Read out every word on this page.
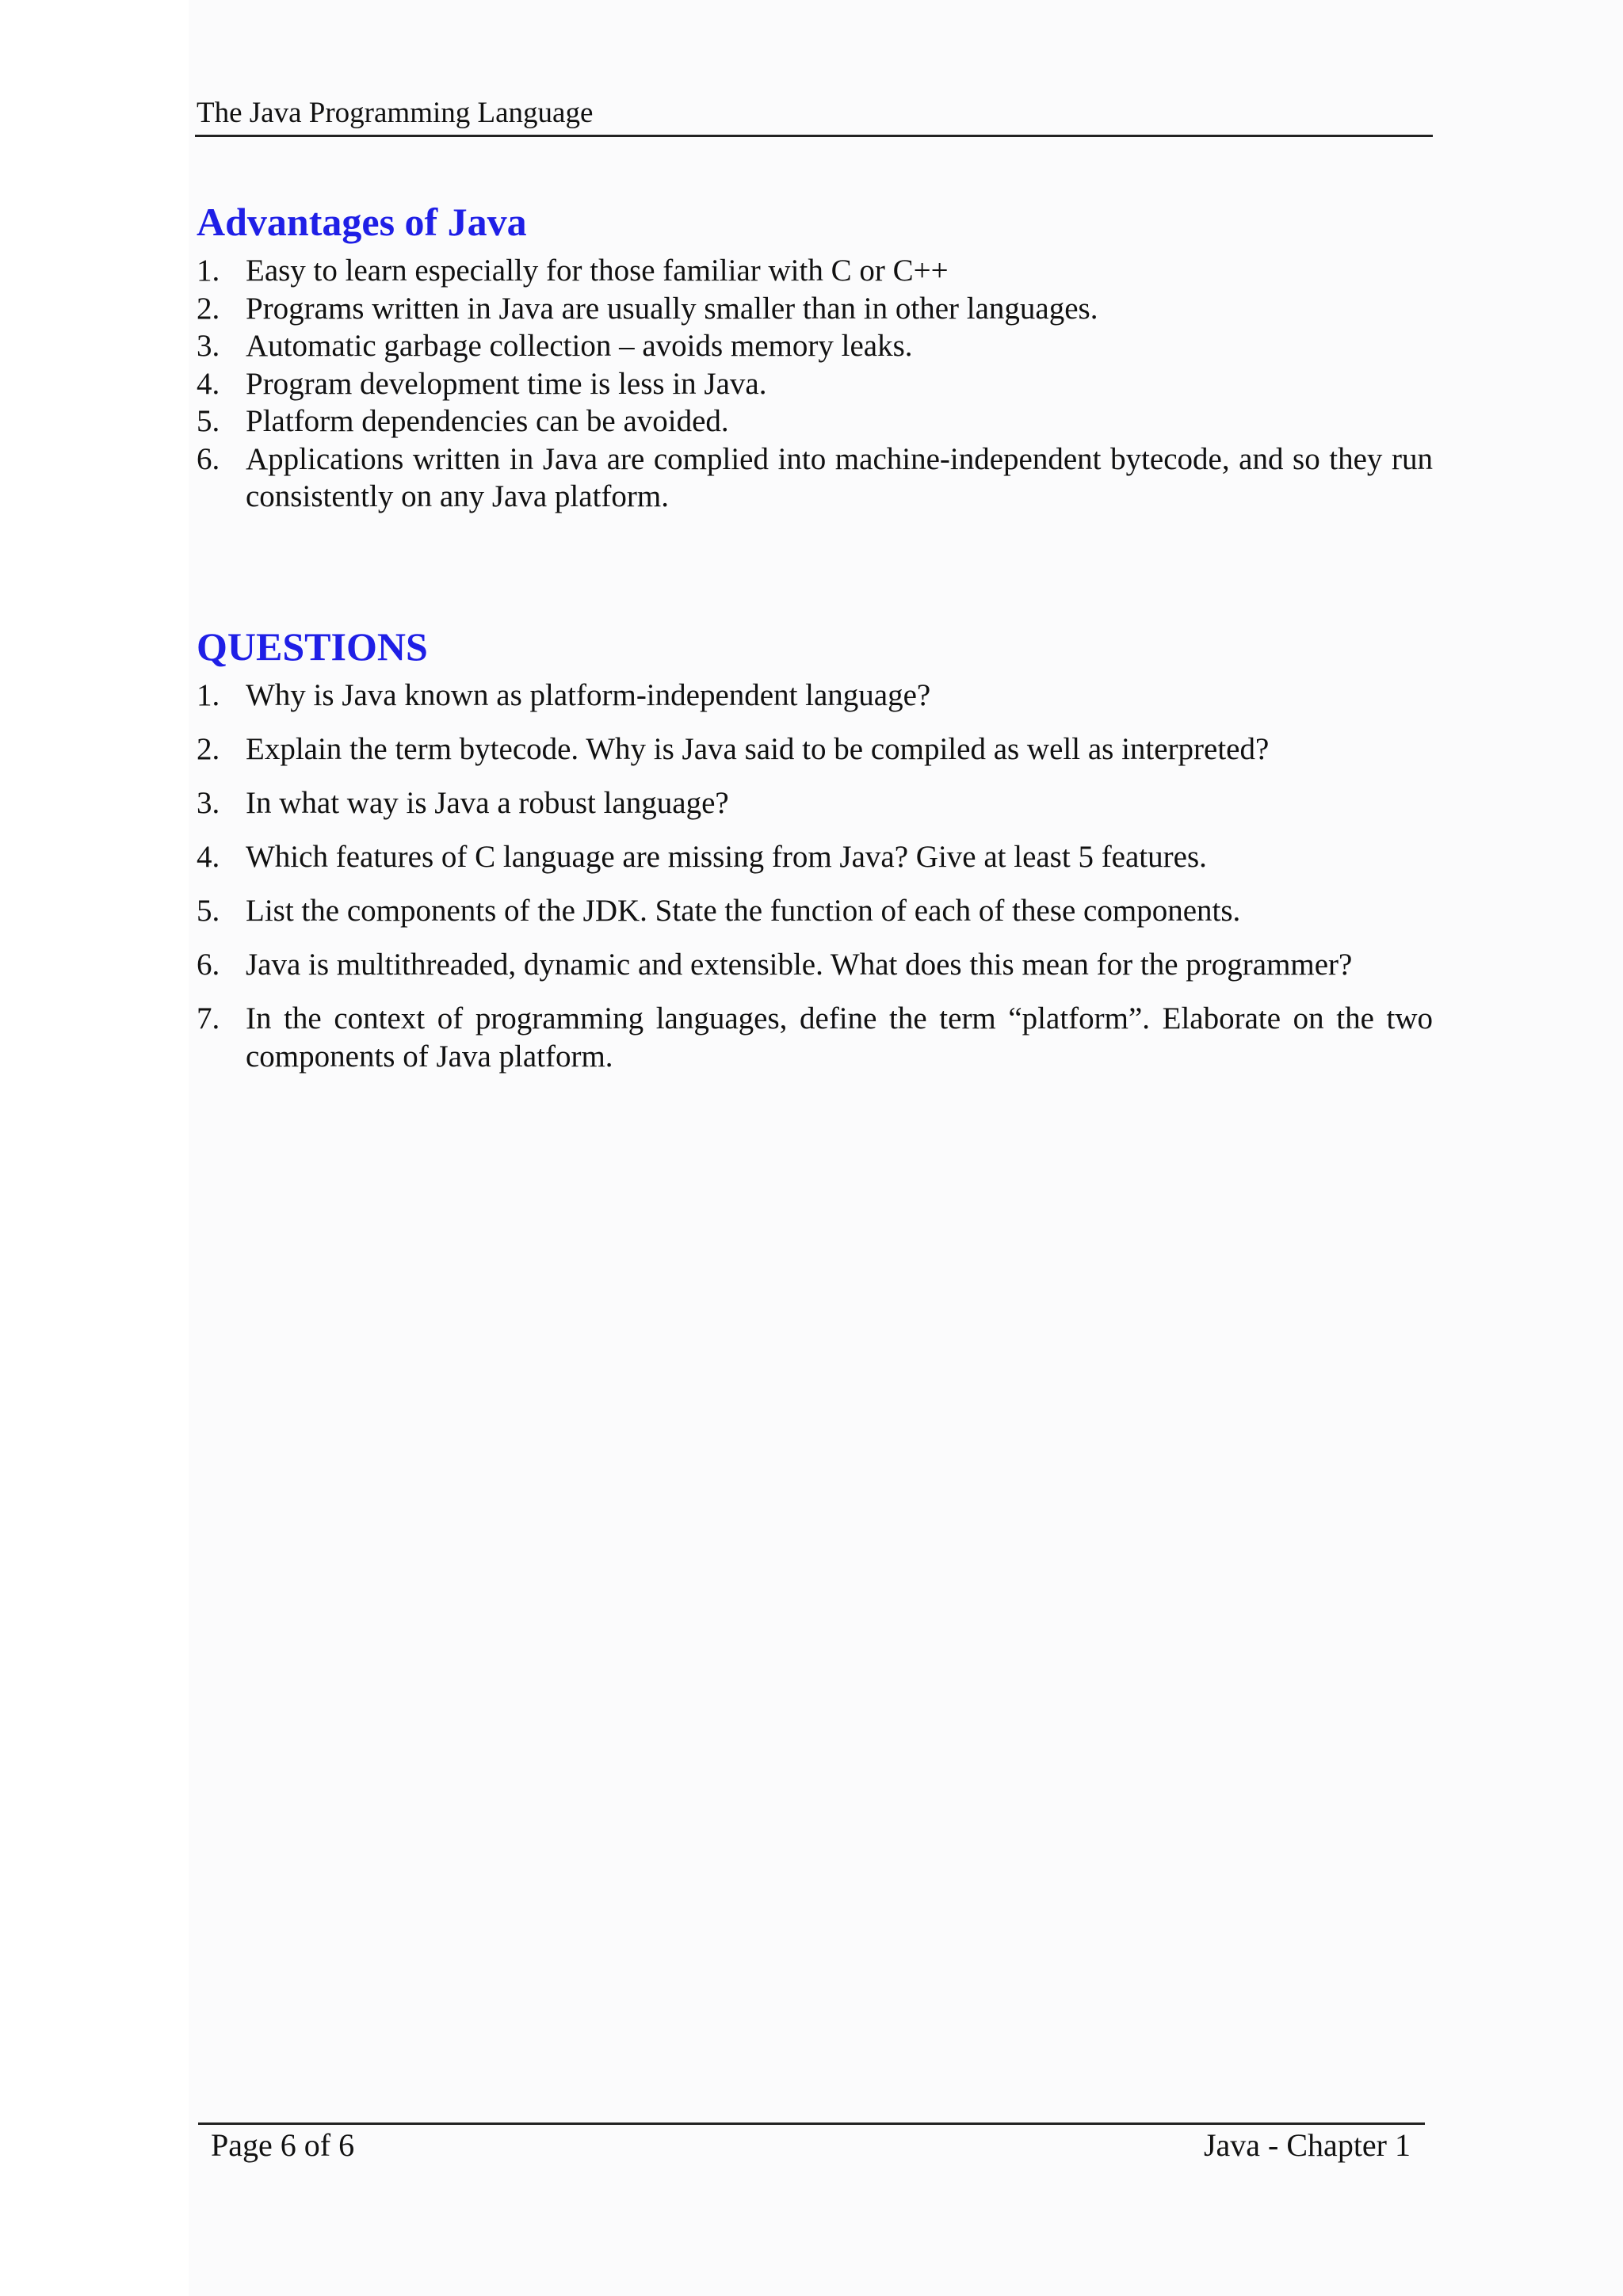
The Java Programming Language
Advantages of Java
1. Easy to learn especially for those familiar with C or C++
2. Programs written in Java are usually smaller than in other languages.
3. Automatic garbage collection – avoids memory leaks.
4. Program development time is less in Java.
5. Platform dependencies can be avoided.
6. Applications written in Java are complied into machine-independent bytecode, and so they run consistently on any Java platform.
QUESTIONS
1. Why is Java known as platform-independent language?
2. Explain the term bytecode. Why is Java said to be compiled as well as interpreted?
3. In what way is Java a robust language?
4. Which features of C language are missing from Java? Give at least 5 features.
5. List the components of the JDK. State the function of each of these components.
6. Java is multithreaded, dynamic and extensible. What does this mean for the programmer?
7. In the context of programming languages, define the term “platform”. Elaborate on the two components of Java platform.
Page 6 of 6	Java - Chapter 1
